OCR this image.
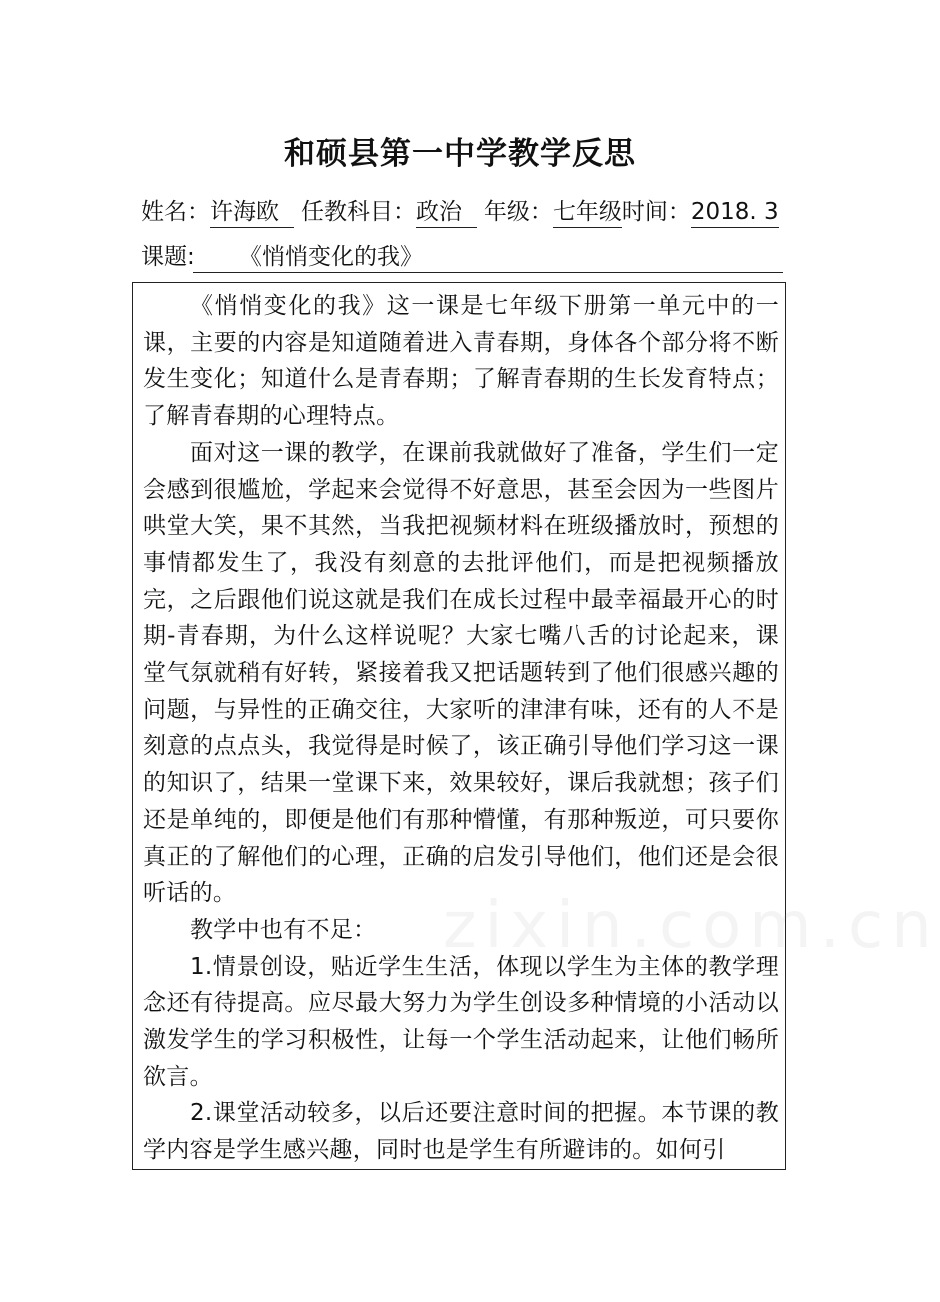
和硕县第一中学教学反思
姓名：许海欧 任教科目：政治 年级：七年级时间：2018. 3
课题:	《悄悄变化的我》
zixin.com.cn

《悄悄变化的我》这一课是七年级下册第一单元中的一课，主要的内容是知道随着进入青春期，身体各个部分将不断发生变化；知道什么是青春期；了解青春期的生长发育特点；了解青春期的心理特点。

面对这一课的教学，在课前我就做好了准备，学生们一定会感到很尴尬，学起来会觉得不好意思，甚至会因为一些图片哄堂大笑，果不其然，当我把视频材料在班级播放时，预想的事情都发生了，我没有刻意的去批评他们，而是把视频播放完，之后跟他们说这就是我们在成长过程中最幸福最开心的时期-青春期，为什么这样说呢？大家七嘴八舌的讨论起来，课堂气氛就稍有好转，紧接着我又把话题转到了他们很感兴趣的问题，与异性的正确交往，大家听的津津有味，还有的人不是刻意的点点头，我觉得是时候了，该正确引导他们学习这一课的知识了，结果一堂课下来，效果较好，课后我就想；孩子们还是单纯的，即便是他们有那种懵懂，有那种叛逆，可只要你真正的了解他们的心理，正确的启发引导他们，他们还是会很听话的。

教学中也有不足：

1.情景创设，贴近学生生活，体现以学生为主体的教学理念还有待提高。应尽最大努力为学生创设多种情境的小活动以激发学生的学习积极性，让每一个学生活动起来，让他们畅所欲言。

2.课堂活动较多，以后还要注意时间的把握。本节课的教学内容是学生感兴趣，同时也是学生有所避讳的。如何引
